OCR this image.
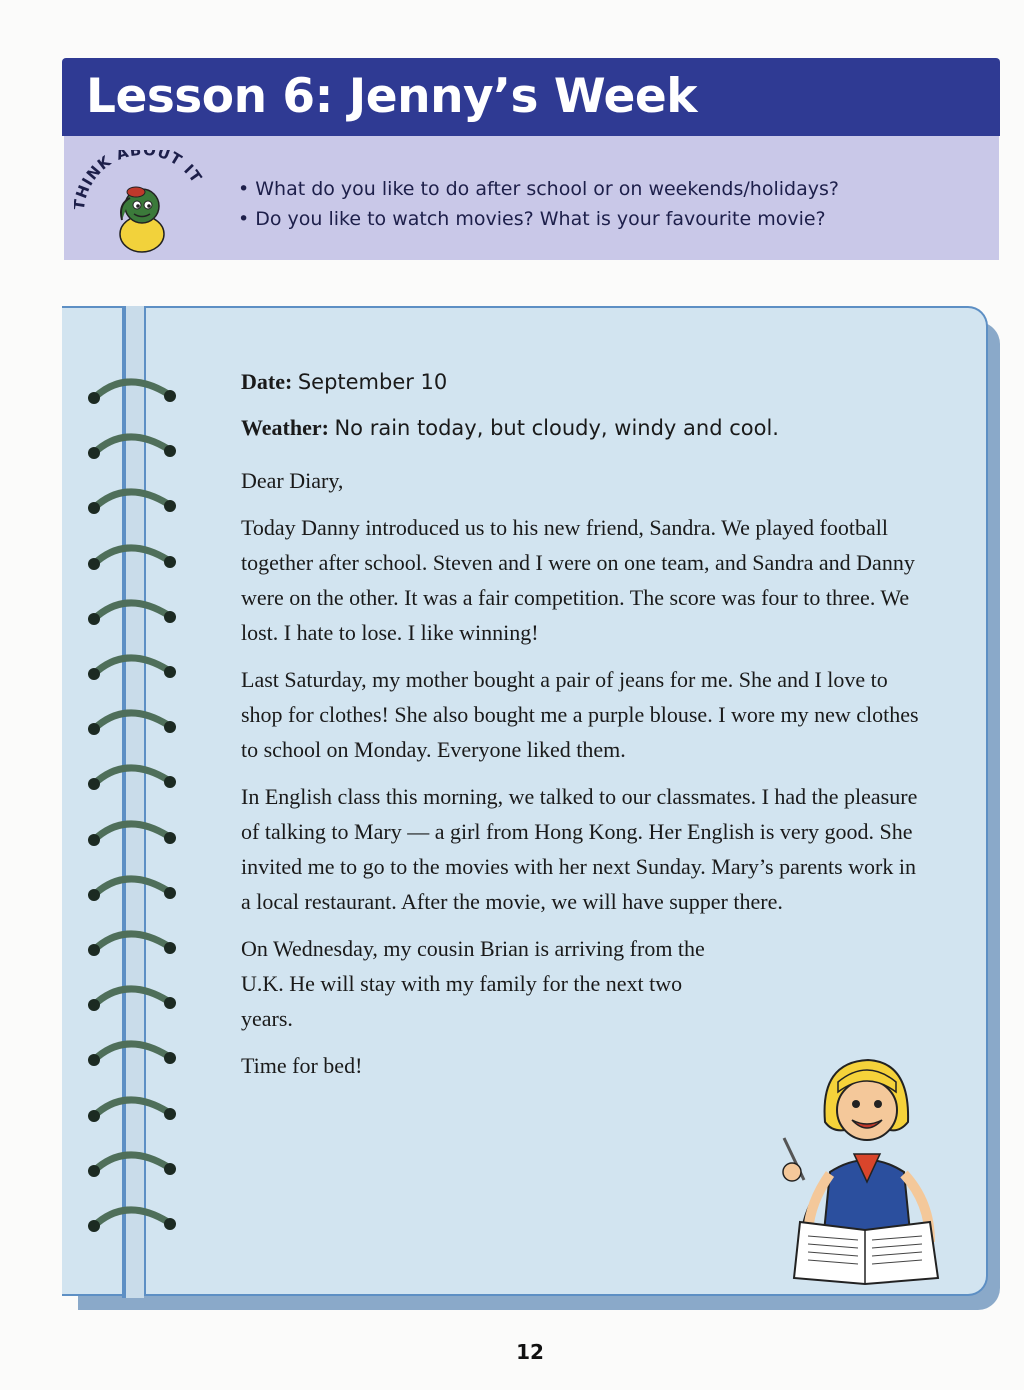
Lesson 6: Jenny’s Week
HINK ABOUT IT
• What do you like to do after school or on weekends/holidays?
• Do you like to watch movies? What is your favourite movie?

Date: September 10

Weather: No rain today, but cloudy, windy and cool.

Dear Diary,

Today Danny introduced us to his new friend, Sandra. We played football together after school. Steven and I were on one team, and Sandra and Danny were on the other. It was a fair competition. The score was four to three. We lost. I hate to lose. I like winning!

Last Saturday, my mother bought a pair of jeans for me. She and I love to shop for clothes! She also bought me a purple blouse. I wore my new clothes to school on Monday. Everyone liked them.

In English class this morning, we talked to our classmates. I had the pleasure of talking to Mary — a girl from Hong Kong. Her English is very good. She invited me to go to the movies with her next Sunday. Mary’s parents work in a local restaurant. After the movie, we will have supper there.

On Wednesday, my cousin Brian is arriving from the U.K. He will stay with my family for the next two years.

Time for bed!

12
